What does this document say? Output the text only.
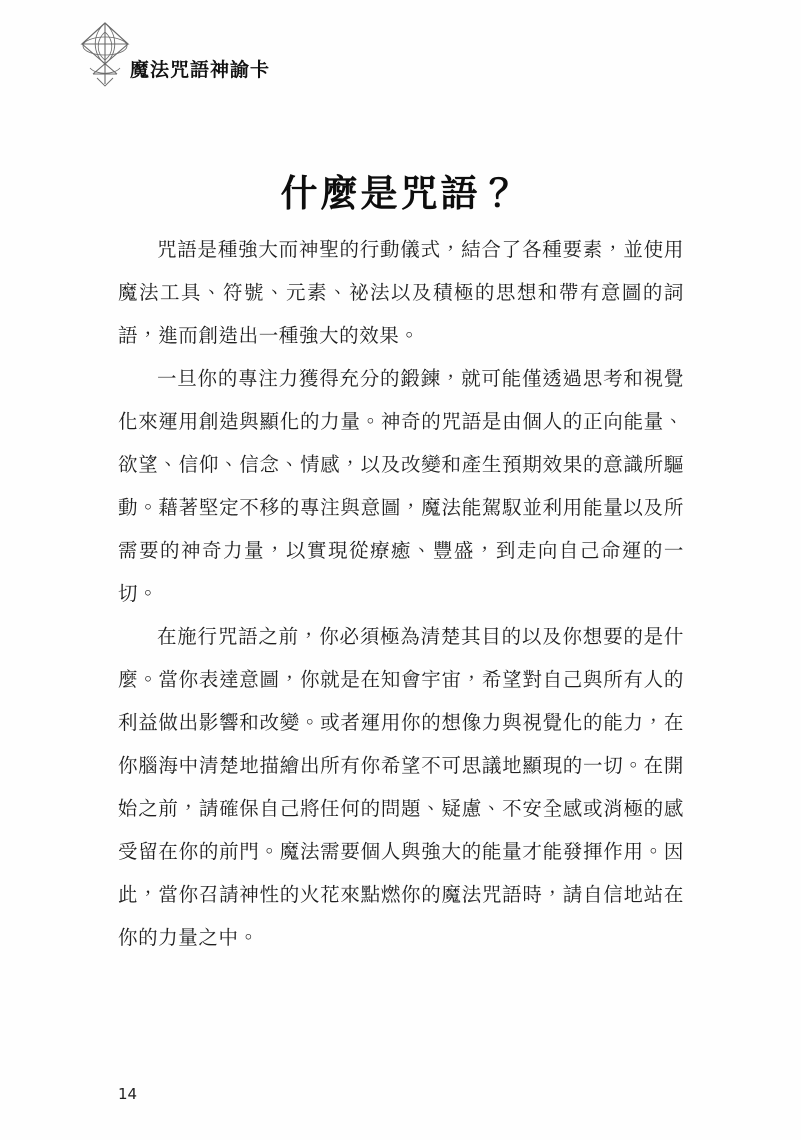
魔法咒語神諭卡
什麼是咒語？

咒語是種強大而神聖的行動儀式，結合了各種要素，並使用魔法工具、符號、元素、祕法以及積極的思想和帶有意圖的詞語，進而創造出一種強大的效果。

一旦你的專注力獲得充分的鍛鍊，就可能僅透過思考和視覺化來運用創造與顯化的力量。神奇的咒語是由個人的正向能量、欲望、信仰、信念、情感，以及改變和產生預期效果的意識所驅動。藉著堅定不移的專注與意圖，魔法能駕馭並利用能量以及所需要的神奇力量，以實現從療癒、豐盛，到走向自己命運的一切。

在施行咒語之前，你必須極為清楚其目的以及你想要的是什麼。當你表達意圖，你就是在知會宇宙，希望對自己與所有人的利益做出影響和改變。或者運用你的想像力與視覺化的能力，在你腦海中清楚地描繪出所有你希望不可思議地顯現的一切。在開始之前，請確保自己將任何的問題、疑慮、不安全感或消極的感受留在你的前門。魔法需要個人與強大的能量才能發揮作用。因此，當你召請神性的火花來點燃你的魔法咒語時，請自信地站在你的力量之中。

14
